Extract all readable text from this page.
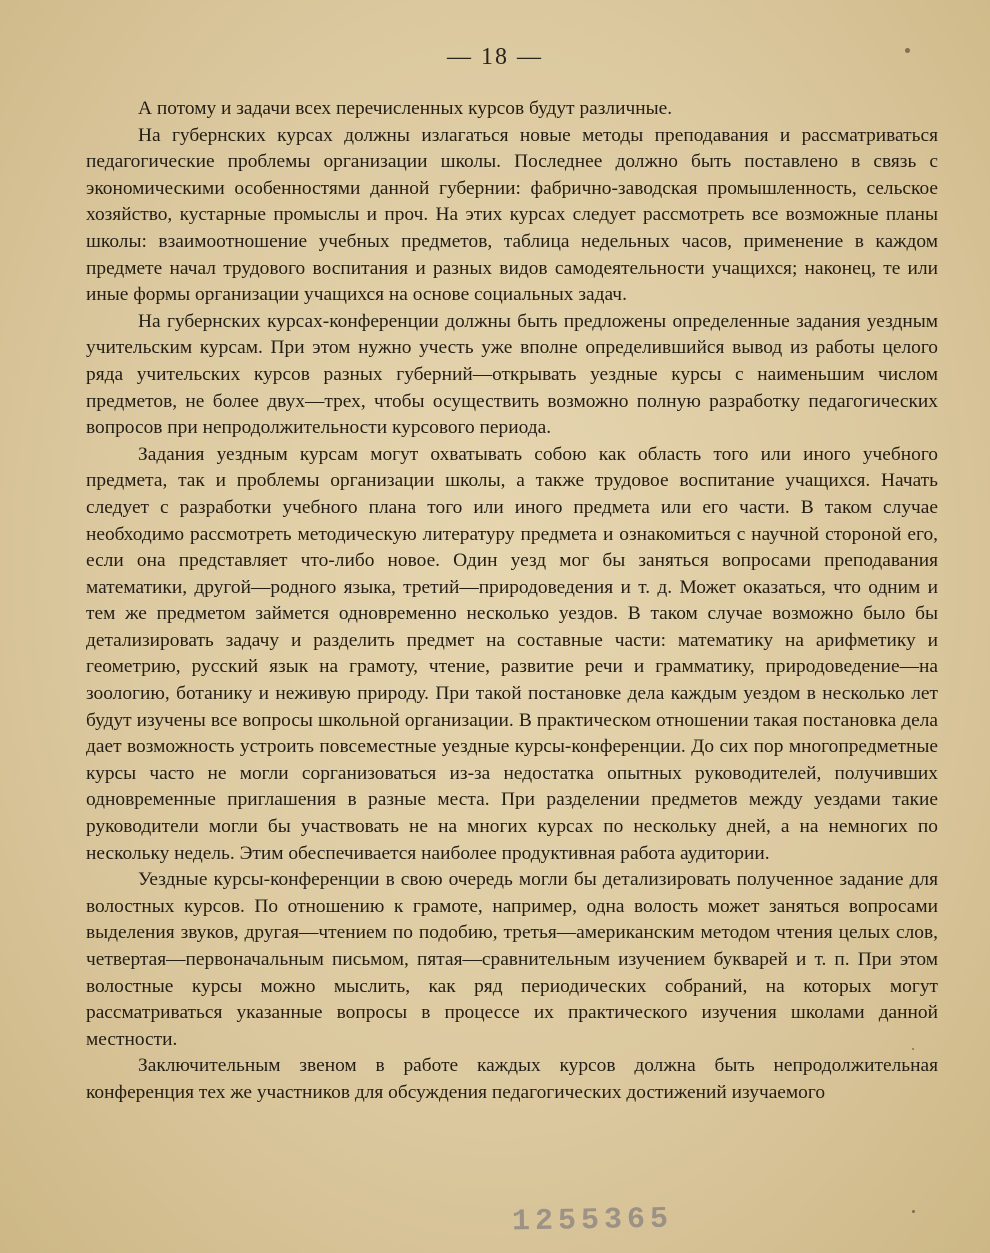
— 18 —

А потому и задачи всех перечисленных курсов будут различные.

На губернских курсах должны излагаться новые методы преподавания и рассматриваться педагогические проблемы организации школы. Последнее должно быть поставлено в связь с экономическими особенностями данной губернии: фабрично-заводская промышленность, сельское хозяйство, кустарные промыслы и проч. На этих курсах следует рассмотреть все возможные планы школы: взаимоотношение учебных предметов, таблица недельных часов, применение в каждом предмете начал трудового воспитания и разных видов самодеятельности учащихся; наконец, те или иные формы организации учащихся на основе социальных задач.

На губернских курсах-конференции должны быть предложены определенные задания уездным учительским курсам. При этом нужно учесть уже вполне определившийся вывод из работы целого ряда учительских курсов разных губерний—открывать уездные курсы с наименьшим числом предметов, не более двух—трех, чтобы осуществить возможно полную разработку педагогических вопросов при непродолжительности курсового периода.

Задания уездным курсам могут охватывать собою как область того или иного учебного предмета, так и проблемы организации школы, а также трудовое воспитание учащихся. Начать следует с разработки учебного плана того или иного предмета или его части. В таком случае необходимо рассмотреть методическую литературу предмета и ознакомиться с научной стороной его, если она представляет что-либо новое. Один уезд мог бы заняться вопросами преподавания математики, другой—родного языка, третий—природоведения и т. д. Может оказаться, что одним и тем же предметом займется одновременно несколько уездов. В таком случае возможно было бы детализировать задачу и разделить предмет на составные части: математику на арифметику и геометрию, русский язык на грамоту, чтение, развитие речи и грамматику, природоведение—на зоологию, ботанику и неживую природу. При такой постановке дела каждым уездом в несколько лет будут изучены все вопросы школьной организации. В практическом отношении такая постановка дела дает возможность устроить повсеместные уездные курсы-конференции. До сих пор многопредметные курсы часто не могли сорганизоваться из-за недостатка опытных руководителей, получивших одновременные приглашения в разные места. При разделении предметов между уездами такие руководители могли бы участвовать не на многих курсах по нескольку дней, а на немногих по нескольку недель. Этим обеспечивается наиболее продуктивная работа аудитории.

Уездные курсы-конференции в свою очередь могли бы детализировать полученное задание для волостных курсов. По отношению к грамоте, например, одна волость может заняться вопросами выделения звуков, другая—чтением по подобию, третья—американским методом чтения целых слов, четвертая—первоначальным письмом, пятая—сравнительным изучением букварей и т. п. При этом волостные курсы можно мыслить, как ряд периодических собраний, на которых могут рассматриваться указанные вопросы в процессе их практического изучения школами данной местности.

Заключительным звеном в работе каждых курсов должна быть непродолжительная конференция тех же участников для обсуждения педагогических достижений изучаемого

1255365
